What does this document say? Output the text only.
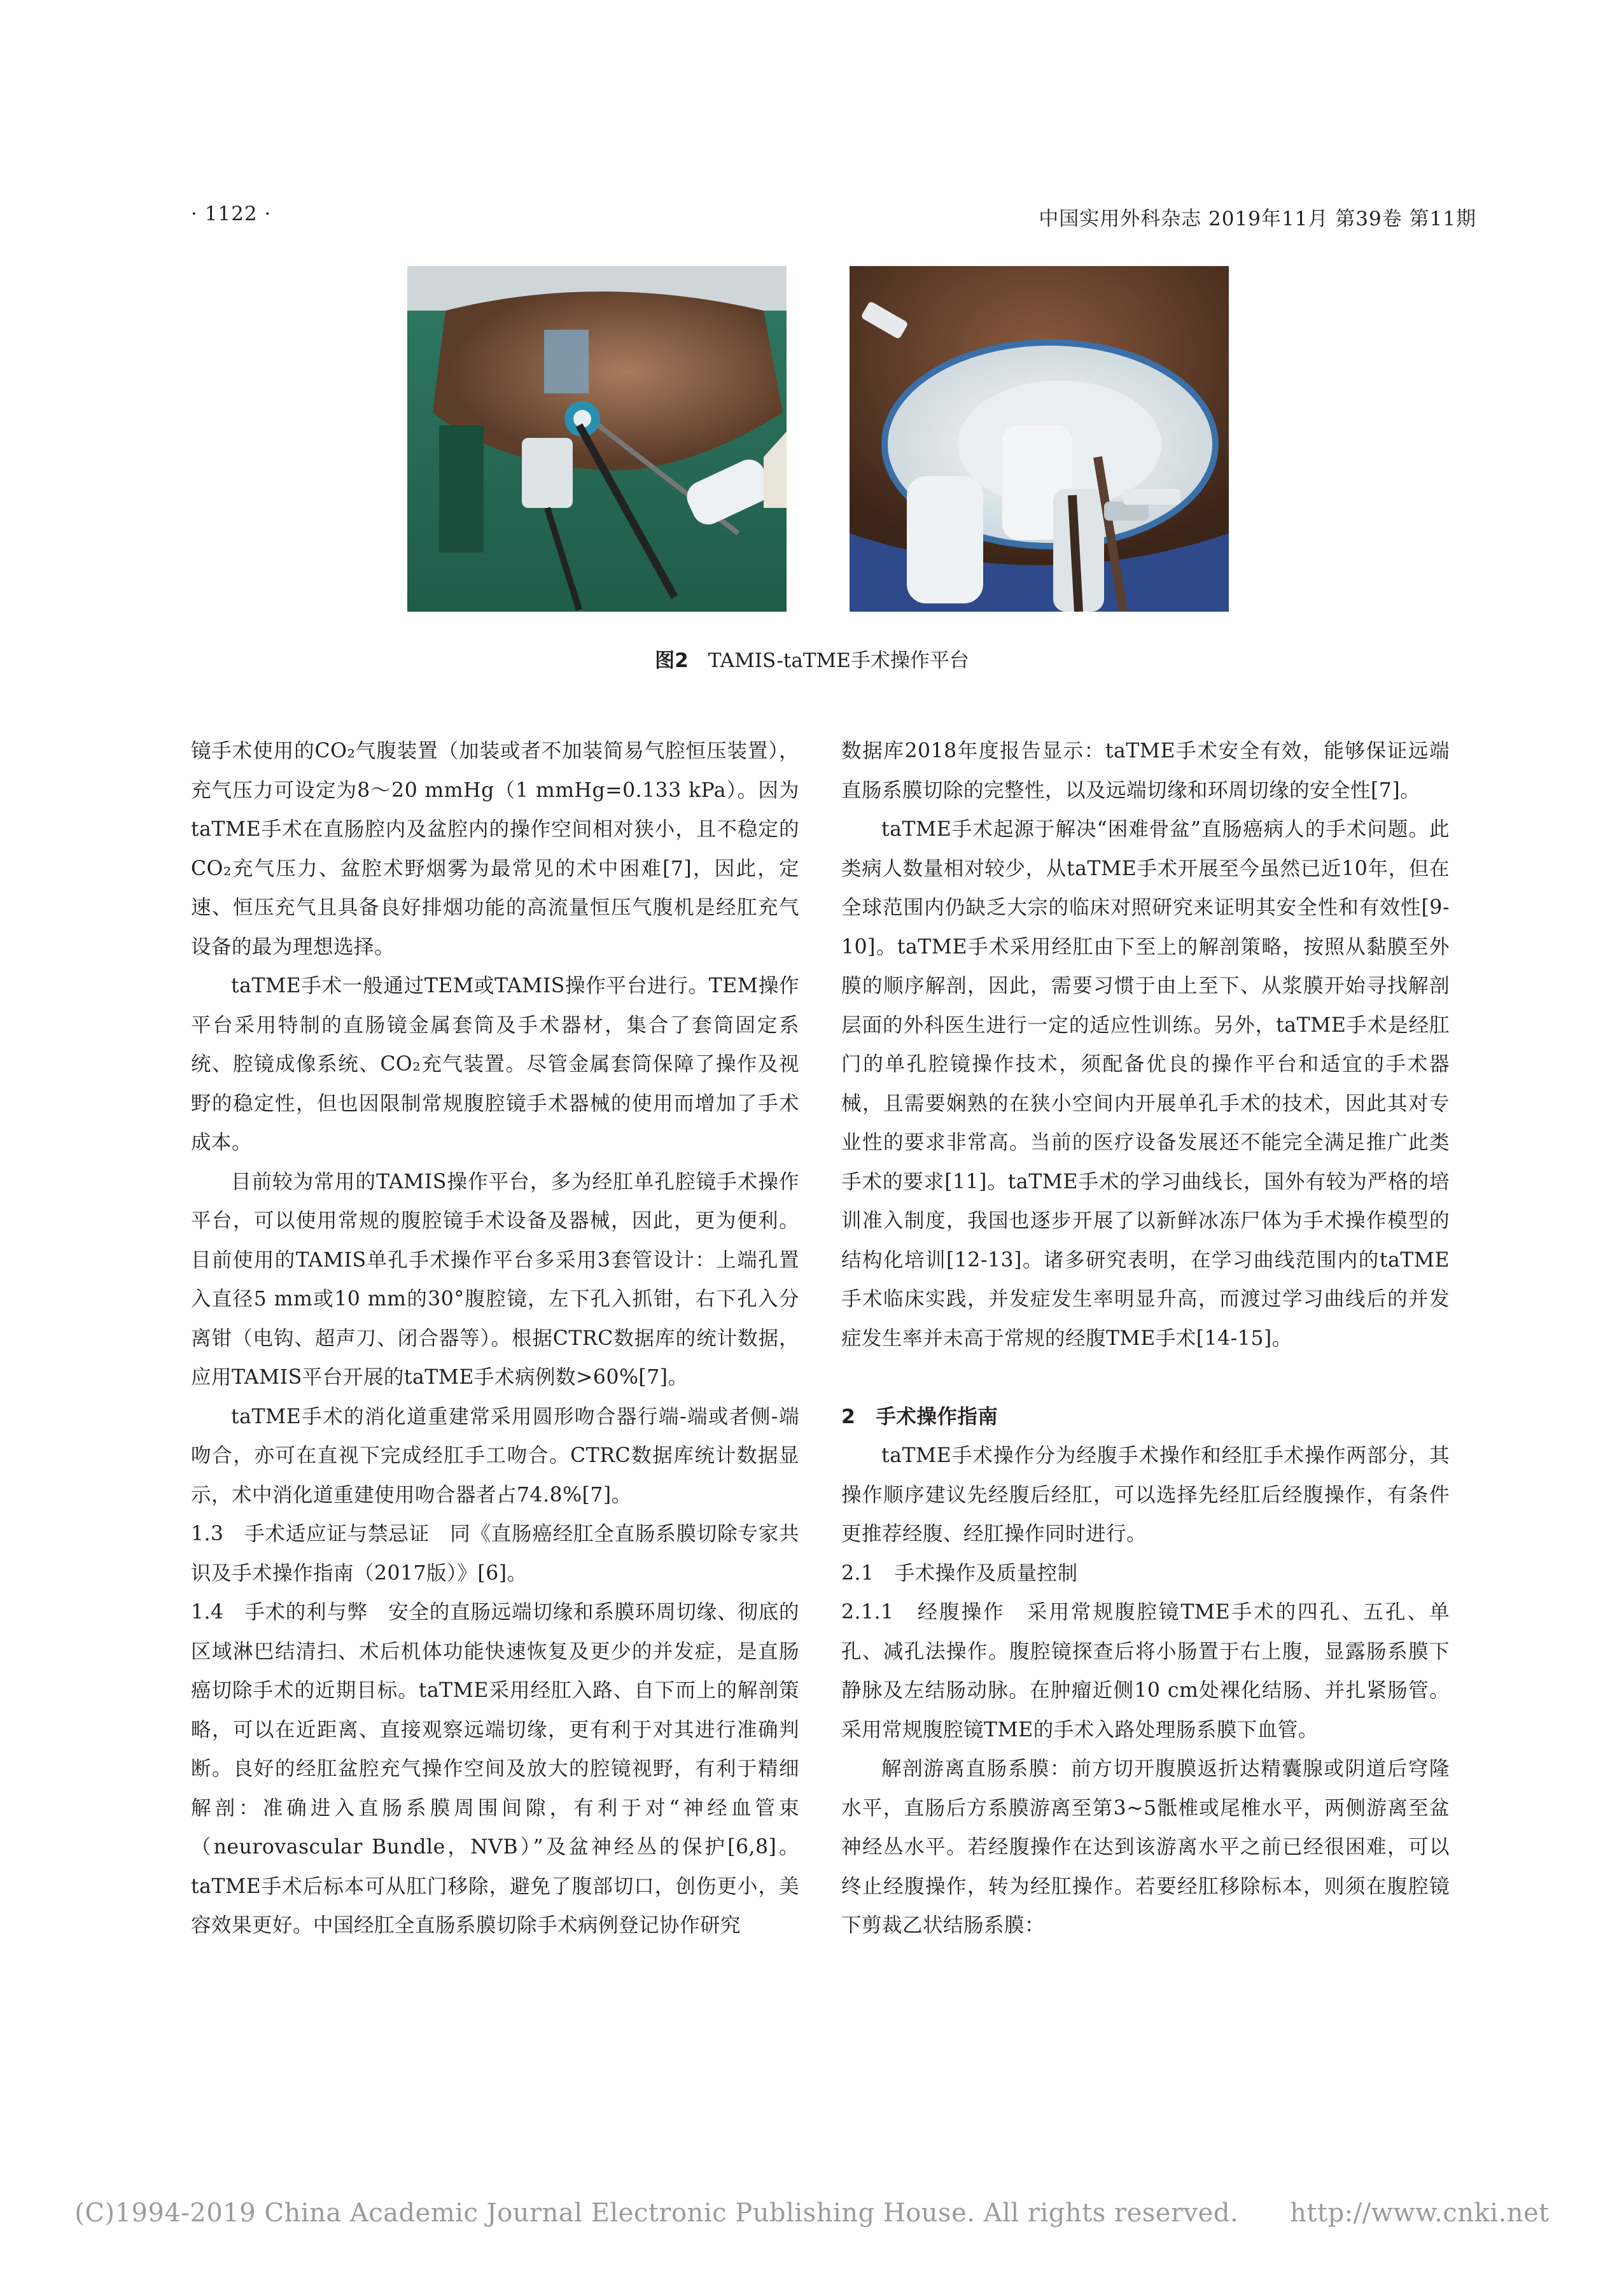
· 1122 ·	中国实用外科杂志 2019年11月 第39卷 第11期
图2　 TAMIS-taTME手术操作平台

镜手术使用的CO₂气腹装置（加装或者不加装简易气腔恒压装置），充气压力可设定为8～20 mmHg（1 mmHg=0.133 kPa）。因为taTME手术在直肠腔内及盆腔内的操作空间相对狭小，且不稳定的CO₂充气压力、盆腔术野烟雾为最常见的术中困难[7]，因此，定速、恒压充气且具备良好排烟功能的高流量恒压气腹机是经肛充气设备的最为理想选择。

taTME手术一般通过TEM或TAMIS操作平台进行。TEM操作平台采用特制的直肠镜金属套筒及手术器材，集合了套筒固定系统、腔镜成像系统、CO₂充气装置。尽管金属套筒保障了操作及视野的稳定性，但也因限制常规腹腔镜手术器械的使用而增加了手术成本。

目前较为常用的TAMIS操作平台，多为经肛单孔腔镜手术操作平台，可以使用常规的腹腔镜手术设备及器械，因此，更为便利。目前使用的TAMIS单孔手术操作平台多采用3套管设计：上端孔置入直径5 mm或10 mm的30°腹腔镜，左下孔入抓钳，右下孔入分离钳（电钩、超声刀、闭合器等）。根据CTRC数据库的统计数据，应用TAMIS平台开展的taTME手术病例数>60%[7]。

taTME手术的消化道重建常采用圆形吻合器行端-端或者侧-端吻合，亦可在直视下完成经肛手工吻合。CTRC数据库统计数据显示，术中消化道重建使用吻合器者占74.8%[7]。

1.3　手术适应证与禁忌证　同《直肠癌经肛全直肠系膜切除专家共识及手术操作指南（2017版）》[6]。

1.4　手术的利与弊　安全的直肠远端切缘和系膜环周切缘、彻底的区域淋巴结清扫、术后机体功能快速恢复及更少的并发症，是直肠癌切除手术的近期目标。taTME采用经肛入路、自下而上的解剖策略，可以在近距离、直接观察远端切缘，更有利于对其进行准确判断。良好的经肛盆腔充气操作空间及放大的腔镜视野，有利于精细解剖：准确进入直肠系膜周围间隙，有利于对“神经血管束（neurovascular Bundle，NVB）”及盆神经丛的保护[6,8]。taTME手术后标本可从肛门移除，避免了腹部切口，创伤更小，美容效果更好。中国经肛全直肠系膜切除手术病例登记协作研究

数据库2018年度报告显示：taTME手术安全有效，能够保证远端直肠系膜切除的完整性，以及远端切缘和环周切缘的安全性[7]。

taTME手术起源于解决“困难骨盆”直肠癌病人的手术问题。此类病人数量相对较少，从taTME手术开展至今虽然已近10年，但在全球范围内仍缺乏大宗的临床对照研究来证明其安全性和有效性[9-10]。taTME手术采用经肛由下至上的解剖策略，按照从黏膜至外膜的顺序解剖，因此，需要习惯于由上至下、从浆膜开始寻找解剖层面的外科医生进行一定的适应性训练。另外，taTME手术是经肛门的单孔腔镜操作技术，须配备优良的操作平台和适宜的手术器械，且需要娴熟的在狭小空间内开展单孔手术的技术，因此其对专业性的要求非常高。当前的医疗设备发展还不能完全满足推广此类手术的要求[11]。taTME手术的学习曲线长，国外有较为严格的培训准入制度，我国也逐步开展了以新鲜冰冻尸体为手术操作模型的结构化培训[12-13]。诸多研究表明，在学习曲线范围内的taTME手术临床实践，并发症发生率明显升高，而渡过学习曲线后的并发症发生率并未高于常规的经腹TME手术[14-15]。

2　手术操作指南

taTME手术操作分为经腹手术操作和经肛手术操作两部分，其操作顺序建议先经腹后经肛，可以选择先经肛后经腹操作，有条件更推荐经腹、经肛操作同时进行。

2.1　手术操作及质量控制

2.1.1　经腹操作　采用常规腹腔镜TME手术的四孔、五孔、单孔、减孔法操作。腹腔镜探查后将小肠置于右上腹，显露肠系膜下静脉及左结肠动脉。在肿瘤近侧10 cm处裸化结肠、并扎紧肠管。采用常规腹腔镜TME的手术入路处理肠系膜下血管。

解剖游离直肠系膜：前方切开腹膜返折达精囊腺或阴道后穹隆水平，直肠后方系膜游离至第3~5骶椎或尾椎水平，两侧游离至盆神经丛水平。若经腹操作在达到该游离水平之前已经很困难，可以终止经腹操作，转为经肛操作。若要经肛移除标本，则须在腹腔镜下剪裁乙状结肠系膜：

(C)1994-2019 China Academic Journal Electronic Publishing House. All rights reserved.　　http://www.cnki.net
